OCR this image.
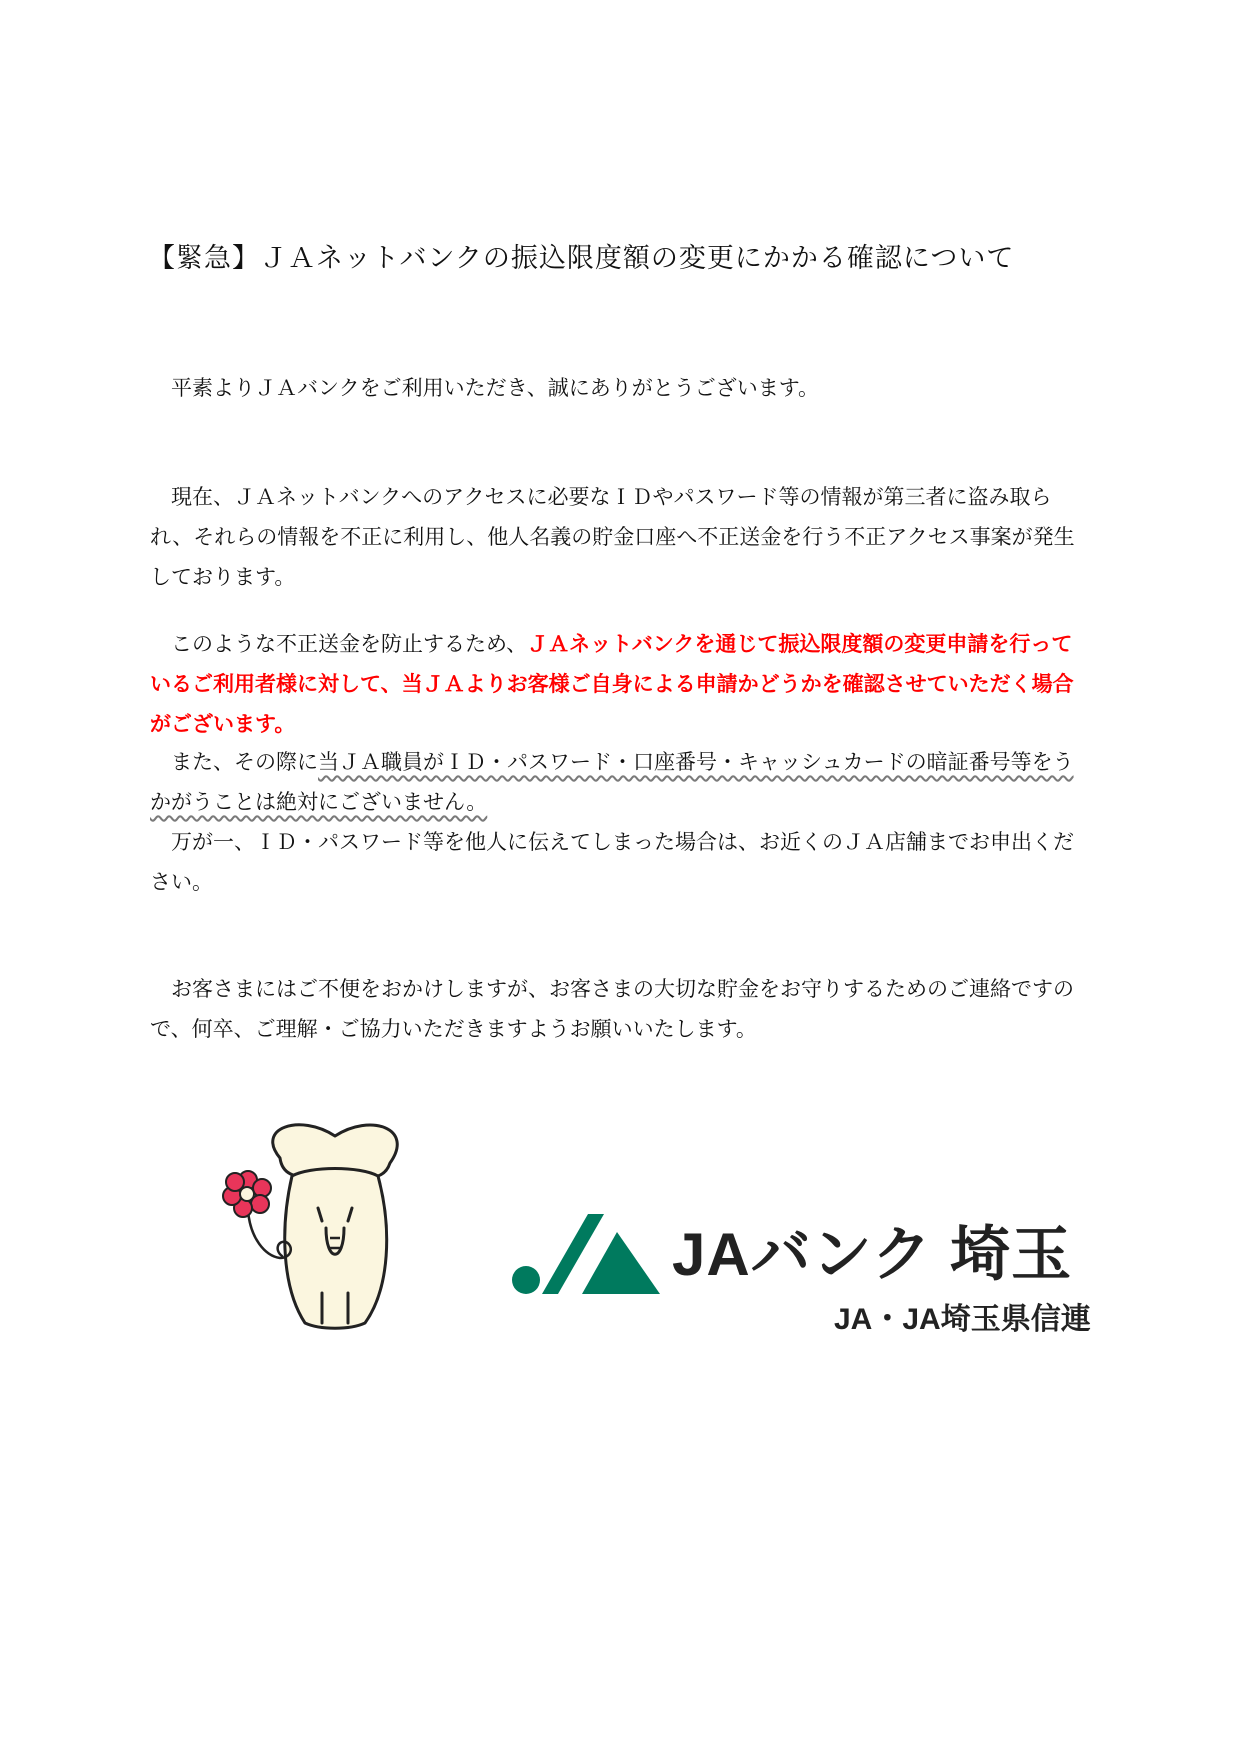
【緊急】ＪＡネットバンクの振込限度額の変更にかかる確認について

平素よりＪＡバンクをご利用いただき、誠にありがとうございます。

現在、ＪＡネットバンクへのアクセスに必要なＩＤやパスワード等の情報が第三者に盗み取られ、それらの情報を不正に利用し、他人名義の貯金口座へ不正送金を行う不正アクセス事案が発生しております。

このような不正送金を防止するため、ＪＡネットバンクを通じて振込限度額の変更申請を行っているご利用者様に対して、当ＪＡよりお客様ご自身による申請かどうかを確認させていただく場合がございます。

また、その際に当ＪＡ職員がＩＤ・パスワード・口座番号・キャッシュカードの暗証番号等をうかがうことは絶対にございません。

万が一、ＩＤ・パスワード等を他人に伝えてしまった場合は、お近くのＪＡ店舗までお申出ください。

お客さまにはご不便をおかけしますが、お客さまの大切な貯金をお守りするためのご連絡ですので、何卒、ご理解・ご協力いただきますようお願いいたします。

JAバンク 埼玉
JA・JA埼玉県信連
